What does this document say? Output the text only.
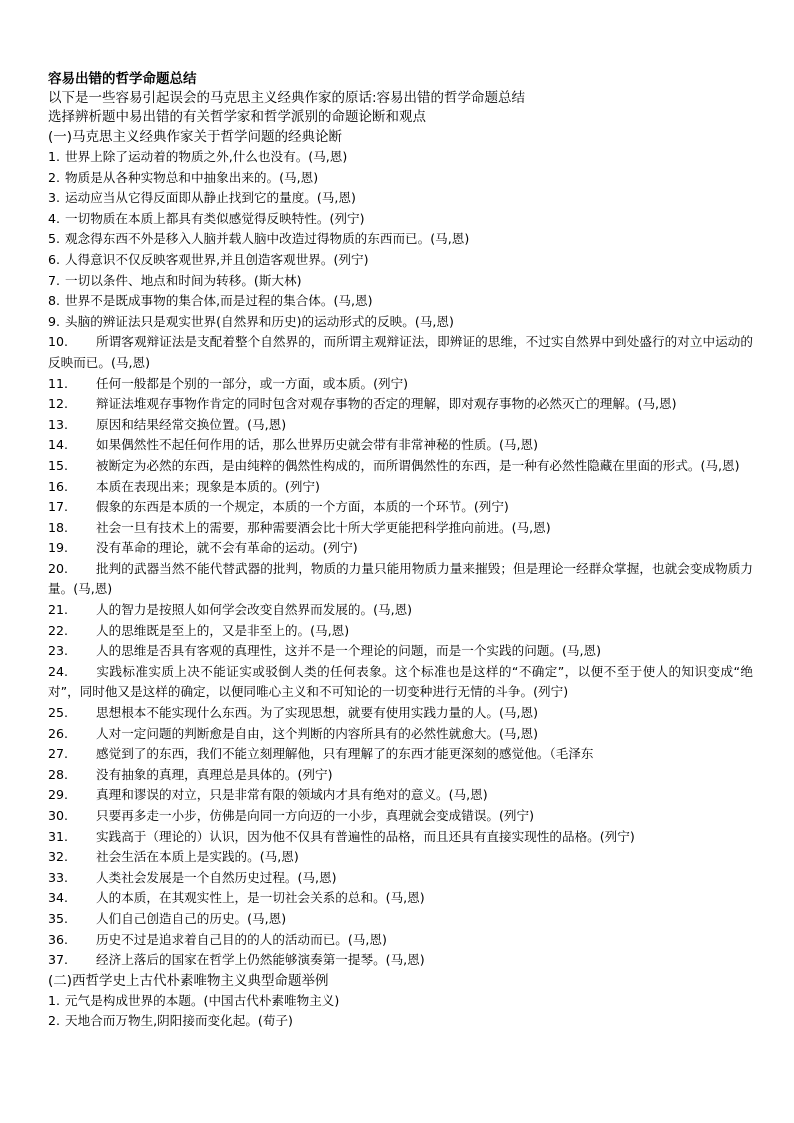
容易出错的哲学命题总结
以下是一些容易引起误会的马克思主义经典作家的原话:容易出错的哲学命题总结
选择辨析题中易出错的有关哲学家和哲学派别的命题论断和观点
(一)马克思主义经典作家关于哲学问题的经典论断
1. 世界上除了运动着的物质之外,什么也没有。(马,恩)
2. 物质是从各种实物总和中抽象出来的。(马,恩)
3. 运动应当从它得反面即从静止找到它的量度。(马,恩)
4. 一切物质在本质上都具有类似感觉得反映特性。(列宁)
5. 观念得东西不外是移入人脑并载人脑中改造过得物质的东西而已。(马,恩)
6. 人得意识不仅反映客观世界,并且创造客观世界。(列宁)
7. 一切以条件、地点和时间为转移。(斯大林)
8. 世界不是既成事物的集合体,而是过程的集合体。(马,恩)
9. 头脑的辨证法只是观实世界(自然界和历史)的运动形式的反映。(马,恩)
10. 所谓客观辩证法是支配着整个自然界的，而所谓主观辩证法，即辨证的思维，不过实自然界中到处盛行的对立中运动的反映而已。(马,恩)
11.	任何一般都是个别的一部分，或一方面，或本质。(列宁)
12. 辩证法堆观存事物作肯定的同时包含对观存事物的否定的理解，即对观存事物的必然灭亡的理解。(马,恩)
13.	原因和结果经常交换位置。(马,恩)
14.	如果偶然性不起任何作用的话，那么世界历史就会带有非常神秘的性质。(马,恩)
15. 被断定为必然的东西，是由纯粹的偶然性构成的，而所谓偶然性的东西，是一种有必然性隐藏在里面的形式。(马,恩)
16.	本质在表现出来；现象是本质的。(列宁)
17.	假象的东西是本质的一个规定，本质的一个方面，本质的一个环节。(列宁)
18.	社会一旦有技术上的需要，那种需要酒会比十所大学更能把科学推向前进。(马,恩)
19.	没有革命的理论，就不会有革命的运动。(列宁)
20. 批判的武器当然不能代替武器的批判，物质的力量只能用物质力量来摧毁；但是理论一经群众掌握，也就会变成物质力量。(马,恩)
21.	人的智力是按照人如何学会改变自然界而发展的。(马,恩)
22.	人的思维既是至上的，又是非至上的。(马,恩)
23.	人的思维是否具有客观的真理性，这并不是一个理论的问题，而是一个实践的问题。(马,恩)
24. 实践标准实质上决不能证实或驳倒人类的任何表象。这个标准也是这样的“不确定”，以便不至于使人的知识变成“绝对”，同时他又是这样的确定，以便同唯心主义和不可知论的一切变种进行无情的斗争。(列宁)
25.	思想根本不能实现什么东西。为了实现思想，就要有使用实践力量的人。(马,恩)
26.	人对一定问题的判断愈是自由，这个判断的内容所具有的必然性就愈大。(马,恩)
27.	感觉到了的东西，我们不能立刻理解他，只有理解了的东西才能更深刻的感觉他。（毛泽东
28.	没有抽象的真理，真理总是具体的。(列宁)
29.	真理和谬误的对立，只是非常有限的领域内才具有绝对的意义。(马,恩)
30.	只要再多走一小步，仿佛是向同一方向迈的一小步，真理就会变成错误。(列宁)
31.	实践高于（理论的）认识，因为他不仅具有普遍性的品格，而且还具有直接实现性的品格。(列宁)
32.	社会生活在本质上是实践的。(马,恩)
33.	人类社会发展是一个自然历史过程。(马,恩)
34.	人的本质，在其观实性上，是一切社会关系的总和。(马,恩)
35.	人们自己创造自己的历史。(马,恩)
36.	历史不过是追求着自己目的的人的活动而已。(马,恩)
37.	经济上落后的国家在哲学上仍然能够演奏第一提琴。(马,恩)
(二)西哲学史上古代朴素唯物主义典型命题举例
1. 元气是构成世界的本题。(中国古代朴素唯物主义)
2. 天地合而万物生,阴阳接而变化起。(荀子)
